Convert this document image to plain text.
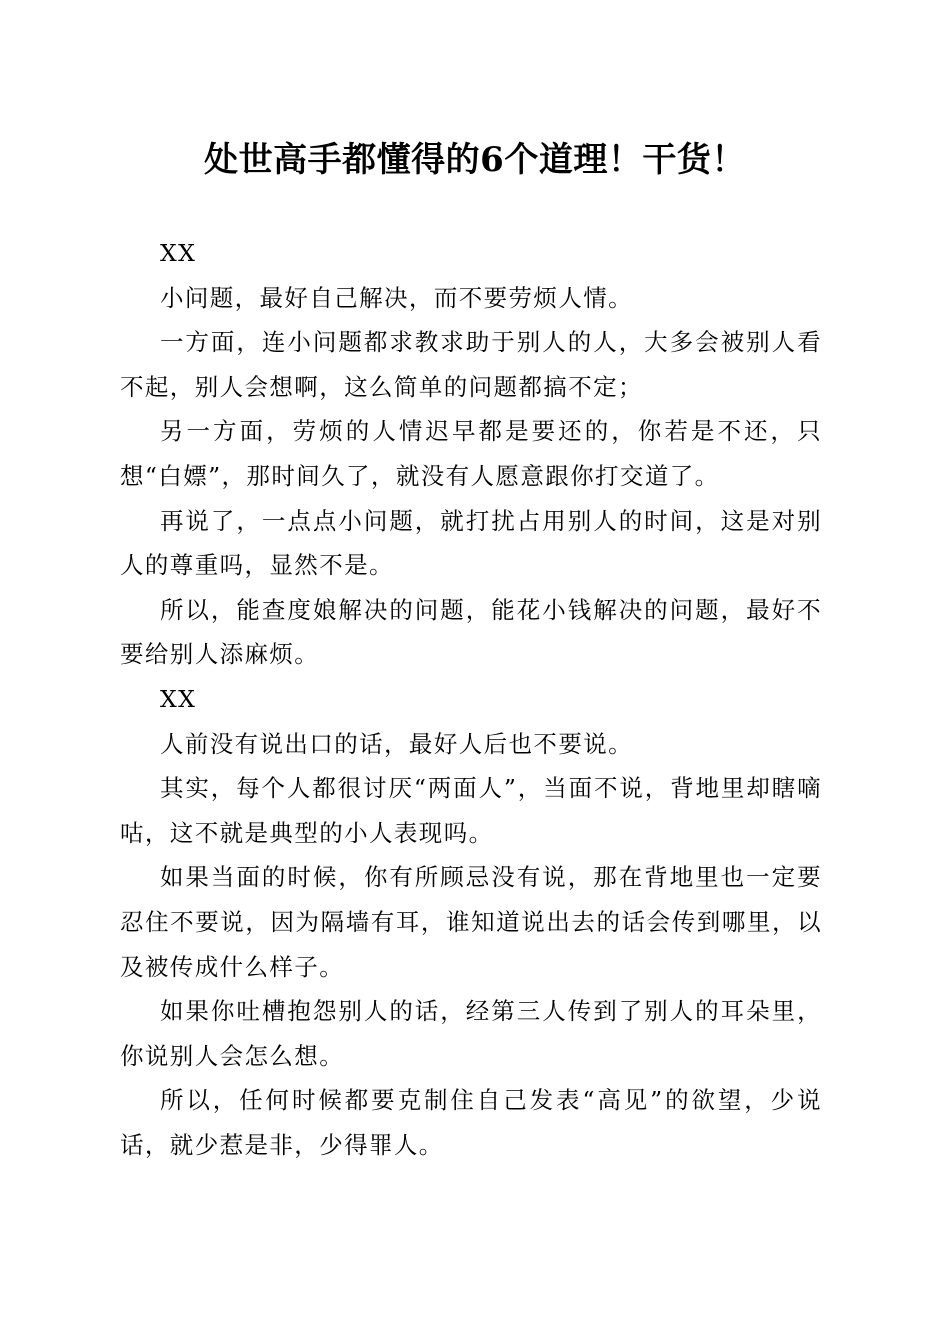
处世高手都懂得的6个道理！干货！

XX

小问题，最好自己解决，而不要劳烦人情。

一方面，连小问题都求教求助于别人的人，大多会被别人看不起，别人会想啊，这么简单的问题都搞不定；

另一方面，劳烦的人情迟早都是要还的，你若是不还，只想“白嫖”，那时间久了，就没有人愿意跟你打交道了。

再说了，一点点小问题，就打扰占用别人的时间，这是对别人的尊重吗，显然不是。

所以，能查度娘解决的问题，能花小钱解决的问题，最好不要给别人添麻烦。

XX

人前没有说出口的话，最好人后也不要说。

其实，每个人都很讨厌“两面人”，当面不说，背地里却瞎嘀咕，这不就是典型的小人表现吗。

如果当面的时候，你有所顾忌没有说，那在背地里也一定要忍住不要说，因为隔墙有耳，谁知道说出去的话会传到哪里，以及被传成什么样子。

如果你吐槽抱怨别人的话，经第三人传到了别人的耳朵里，你说别人会怎么想。

所以，任何时候都要克制住自己发表“高见”的欲望，少说话，就少惹是非，少得罪人。
